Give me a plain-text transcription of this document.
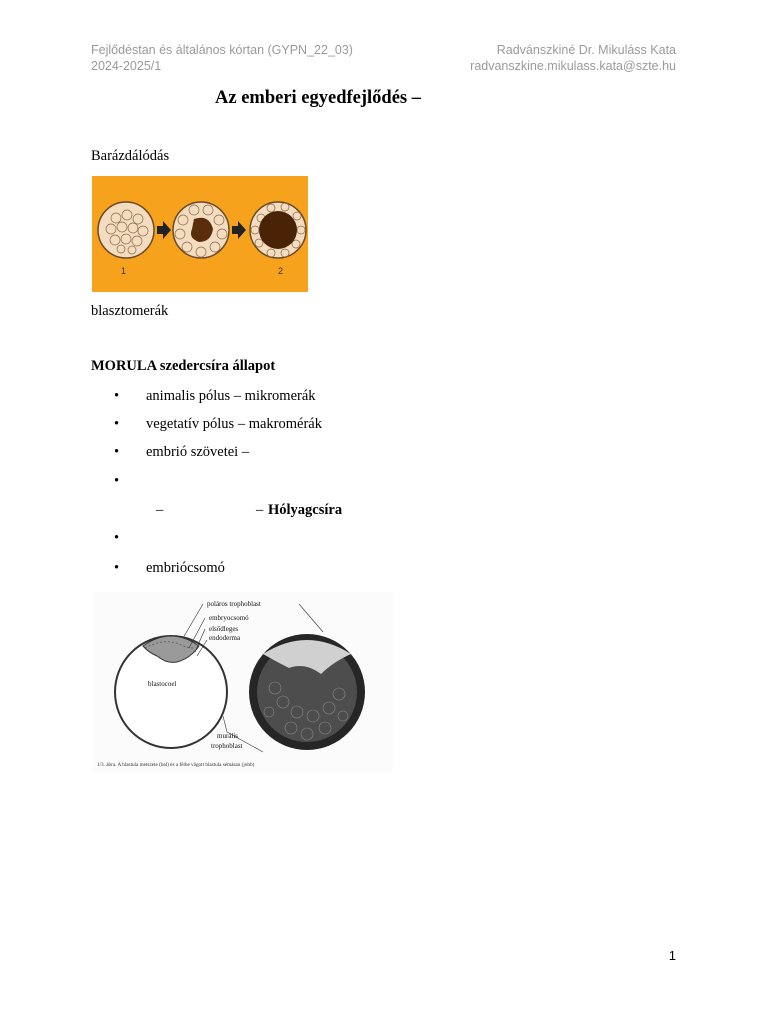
Fejlődéstan és általános kórtan (GYPN_22_03)
2024-2025/1
Radvánszkiné Dr. Mikuláss Kata
radvanszkine.mikulass.kata@szte.hu
Az emberi egyedfejlődés –
Barázdálódás
1	2
blasztomerák
MORULA szedercsíra állapot
•	animalis pólus – mikromerák
•	vegetatív pólus – makromérák
•	embrió szövetei –
•
–	– Hólyagcsíra
•
•	embriócsomó
blastocoel
poláros trophoblast
embryocsomó
elsődleges
endoderma
murális
trophoblast
1/3. ábra. A blastula metszete (bal) és a félbe vágott blastula sémásan (jobb)
1
